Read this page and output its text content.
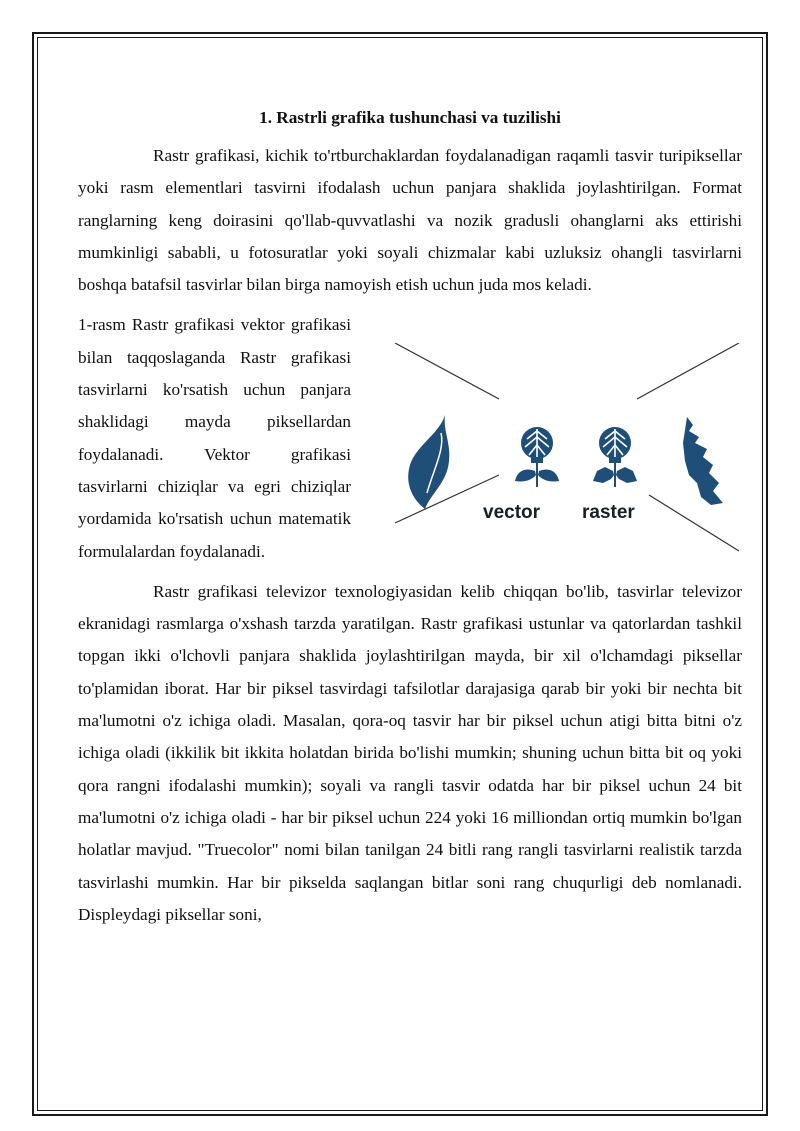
1. Rastrli grafika tushunchasi va tuzilishi

Rastr grafikasi, kichik to'rtburchaklardan foydalanadigan raqamli tasvir turipiksellar yoki rasm elementlari tasvirni ifodalash uchun panjara shaklida joylashtirilgan. Format ranglarning keng doirasini qo'llab-quvvatlashi va nozik gradusli ohanglarni aks ettirishi mumkinligi sababli, u fotosuratlar yoki soyali chizmalar kabi uzluksiz ohangli tasvirlarni boshqa batafsil tasvirlar bilan birga namoyish etish uchun juda mos keladi.

1-rasm Rastr grafikasi vektor grafikasi bilan taqqoslaganda Rastr grafikasi tasvirlarni ko'rsatish uchun panjara shaklidagi mayda piksellardan foydalanadi. Vektor grafikasi tasvirlarni chiziqlar va egri chiziqlar yordamida ko'rsatish uchun matematik formulalardan foydalanadi.

vector raster

Rastr grafikasi televizor texnologiyasidan kelib chiqqan bo'lib, tasvirlar televizor ekranidagi rasmlarga o'xshash tarzda yaratilgan. Rastr grafikasi ustunlar va qatorlardan tashkil topgan ikki o'lchovli panjara shaklida joylashtirilgan mayda, bir xil o'lchamdagi piksellar to'plamidan iborat. Har bir piksel tasvirdagi tafsilotlar darajasiga qarab bir yoki bir nechta bit ma'lumotni o'z ichiga oladi. Masalan, qora-oq tasvir har bir piksel uchun atigi bitta bitni o'z ichiga oladi (ikkilik bit ikkita holatdan birida bo'lishi mumkin; shuning uchun bitta bit oq yoki qora rangni ifodalashi mumkin); soyali va rangli tasvir odatda har bir piksel uchun 24 bit ma'lumotni o'z ichiga oladi - har bir piksel uchun 224 yoki 16 milliondan ortiq mumkin bo'lgan holatlar mavjud. "Truecolor" nomi bilan tanilgan 24 bitli rang rangli tasvirlarni realistik tarzda tasvirlashi mumkin. Har bir pikselda saqlangan bitlar soni rang chuqurligi deb nomlanadi. Displeydagi piksellar soni,
